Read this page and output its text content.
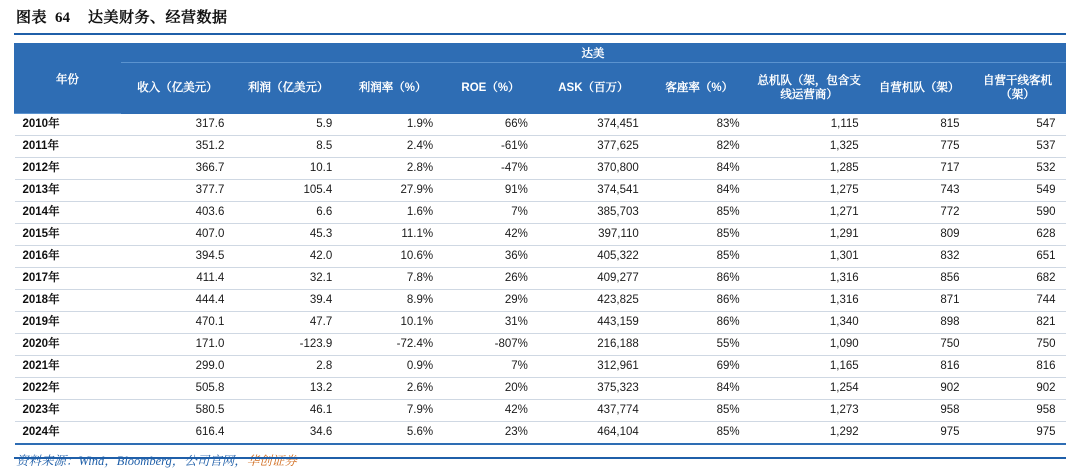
图表 64 达美财务、经营数据
年份	达美								
	收入（亿美元）	利润（亿美元）	利润率（%）	ROE（%）	ASK（百万）	客座率（%）	总机队（架，包含支线运营商）	自营机队（架）	自营干线客机（架）
2010年	317.6	5.9	1.9%	66%	374,451	83%	1,115	815	547
2011年	351.2	8.5	2.4%	-61%	377,625	82%	1,325	775	537
2012年	366.7	10.1	2.8%	-47%	370,800	84%	1,285	717	532
2013年	377.7	105.4	27.9%	91%	374,541	84%	1,275	743	549
2014年	403.6	6.6	1.6%	7%	385,703	85%	1,271	772	590
2015年	407.0	45.3	11.1%	42%	397,110	85%	1,291	809	628
2016年	394.5	42.0	10.6%	36%	405,322	85%	1,301	832	651
2017年	411.4	32.1	7.8%	26%	409,277	86%	1,316	856	682
2018年	444.4	39.4	8.9%	29%	423,825	86%	1,316	871	744
2019年	470.1	47.7	10.1%	31%	443,159	86%	1,340	898	821
2020年	171.0	-123.9	-72.4%	-807%	216,188	55%	1,090	750	750
2021年	299.0	2.8	0.9%	7%	312,961	69%	1,165	816	816
2022年	505.8	13.2	2.6%	20%	375,323	84%	1,254	902	902
2023年	580.5	46.1	7.9%	42%	437,774	85%	1,273	958	958
2024年	616.4	34.6	5.6%	23%	464,104	85%	1,292	975	975
资料来源：Wind，Bloomberg，公司官网，华创证券
